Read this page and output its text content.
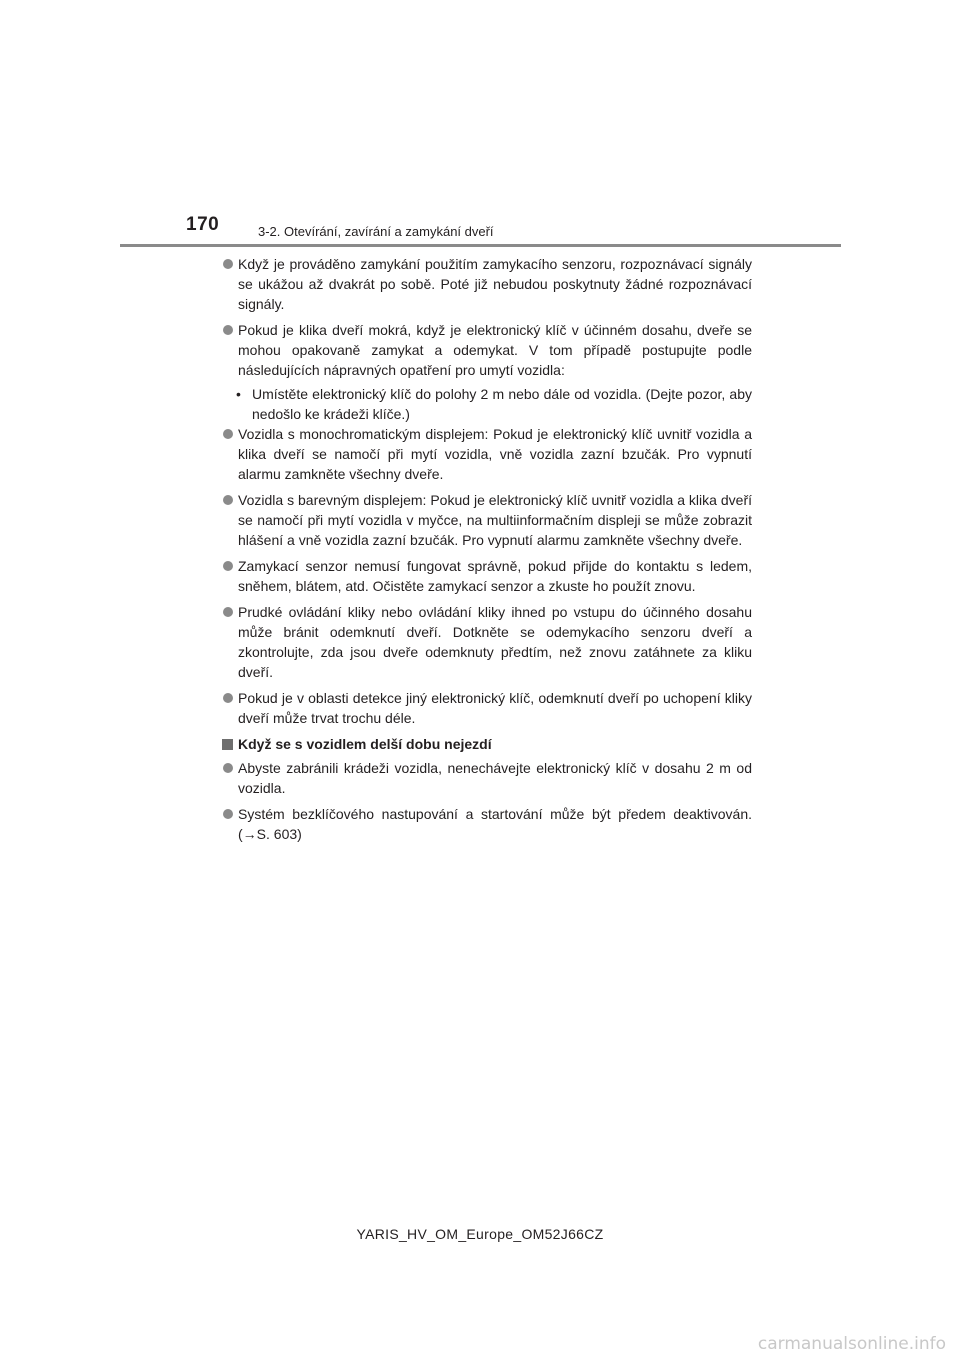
170	3-2. Otevírání, zavírání a zamykání dveří
Když je prováděno zamykání použitím zamykacího senzoru, rozpoznávací signály se ukážou až dvakrát po sobě. Poté již nebudou poskytnuty žádné rozpoznávací signály.
Pokud je klika dveří mokrá, když je elektronický klíč v účinném dosahu, dveře se mohou opakovaně zamykat a odemykat. V tom případě postupujte podle následujících nápravných opatření pro umytí vozidla:
• Umístěte elektronický klíč do polohy 2 m nebo dále od vozidla. (Dejte pozor, aby nedošlo ke krádeži klíče.)
Vozidla s monochromatickým displejem: Pokud je elektronický klíč uvnitř vozidla a klika dveří se namočí při mytí vozidla, vně vozidla zazní bzučák. Pro vypnutí alarmu zamkněte všechny dveře.
Vozidla s barevným displejem: Pokud je elektronický klíč uvnitř vozidla a klika dveří se namočí při mytí vozidla v myčce, na multiinformačním displeji se může zobrazit hlášení a vně vozidla zazní bzučák. Pro vypnutí alarmu zamkněte všechny dveře.
Zamykací senzor nemusí fungovat správně, pokud přijde do kontaktu s ledem, sněhem, blátem, atd. Očistěte zamykací senzor a zkuste ho použít znovu.
Prudké ovládání kliky nebo ovládání kliky ihned po vstupu do účinného dosahu může bránit odemknutí dveří. Dotkněte se odemykacího senzoru dveří a zkontrolujte, zda jsou dveře odemknuty předtím, než znovu zatáhnete za kliku dveří.
Pokud je v oblasti detekce jiný elektronický klíč, odemknutí dveří po uchopení kliky dveří může trvat trochu déle.
Když se s vozidlem delší dobu nejezdí
Abyste zabránili krádeži vozidla, nenechávejte elektronický klíč v dosahu 2 m od vozidla.
Systém bezklíčového nastupování a startování může být předem deaktivován. (→S. 603)
YARIS_HV_OM_Europe_OM52J66CZ
carmanualsonline.info
